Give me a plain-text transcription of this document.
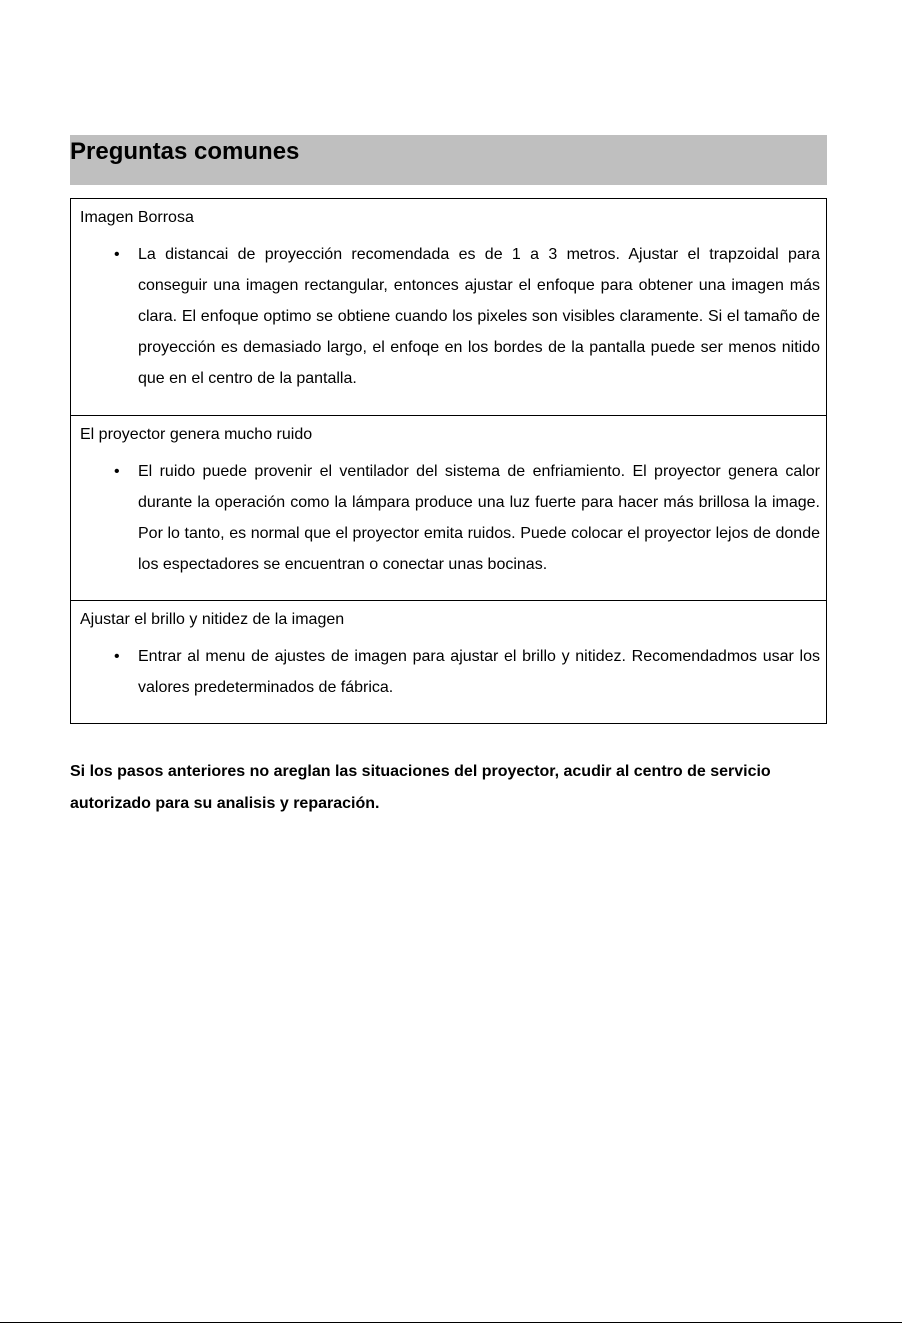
Preguntas comunes

Imagen Borrosa

• La distancai de proyección recomendada es de 1 a 3 metros. Ajustar el trapzoidal para conseguir una imagen rectangular, entonces ajustar el enfoque para obtener una imagen más clara. El enfoque optimo se obtiene cuando los pixeles son visibles claramente. Si el tamaño de proyección es demasiado largo, el enfoqe en los bordes de la pantalla puede ser menos nitido que en el centro de la pantalla.

El proyector genera mucho ruido

• El ruido puede provenir el ventilador del sistema de enfriamiento. El proyector genera calor durante la operación como la lámpara produce una luz fuerte para hacer más brillosa la image. Por lo tanto, es normal que el proyector emita ruidos. Puede colocar el proyector lejos de donde los espectadores se encuentran o conectar unas bocinas.

Ajustar el brillo y nitidez de la imagen

• Entrar al menu de ajustes de imagen para ajustar el brillo y nitidez. Recomendadmos usar los valores predeterminados de fábrica.

Si los pasos anteriores no areglan las situaciones del proyector, acudir al centro de servicio autorizado para su analisis y reparación.
